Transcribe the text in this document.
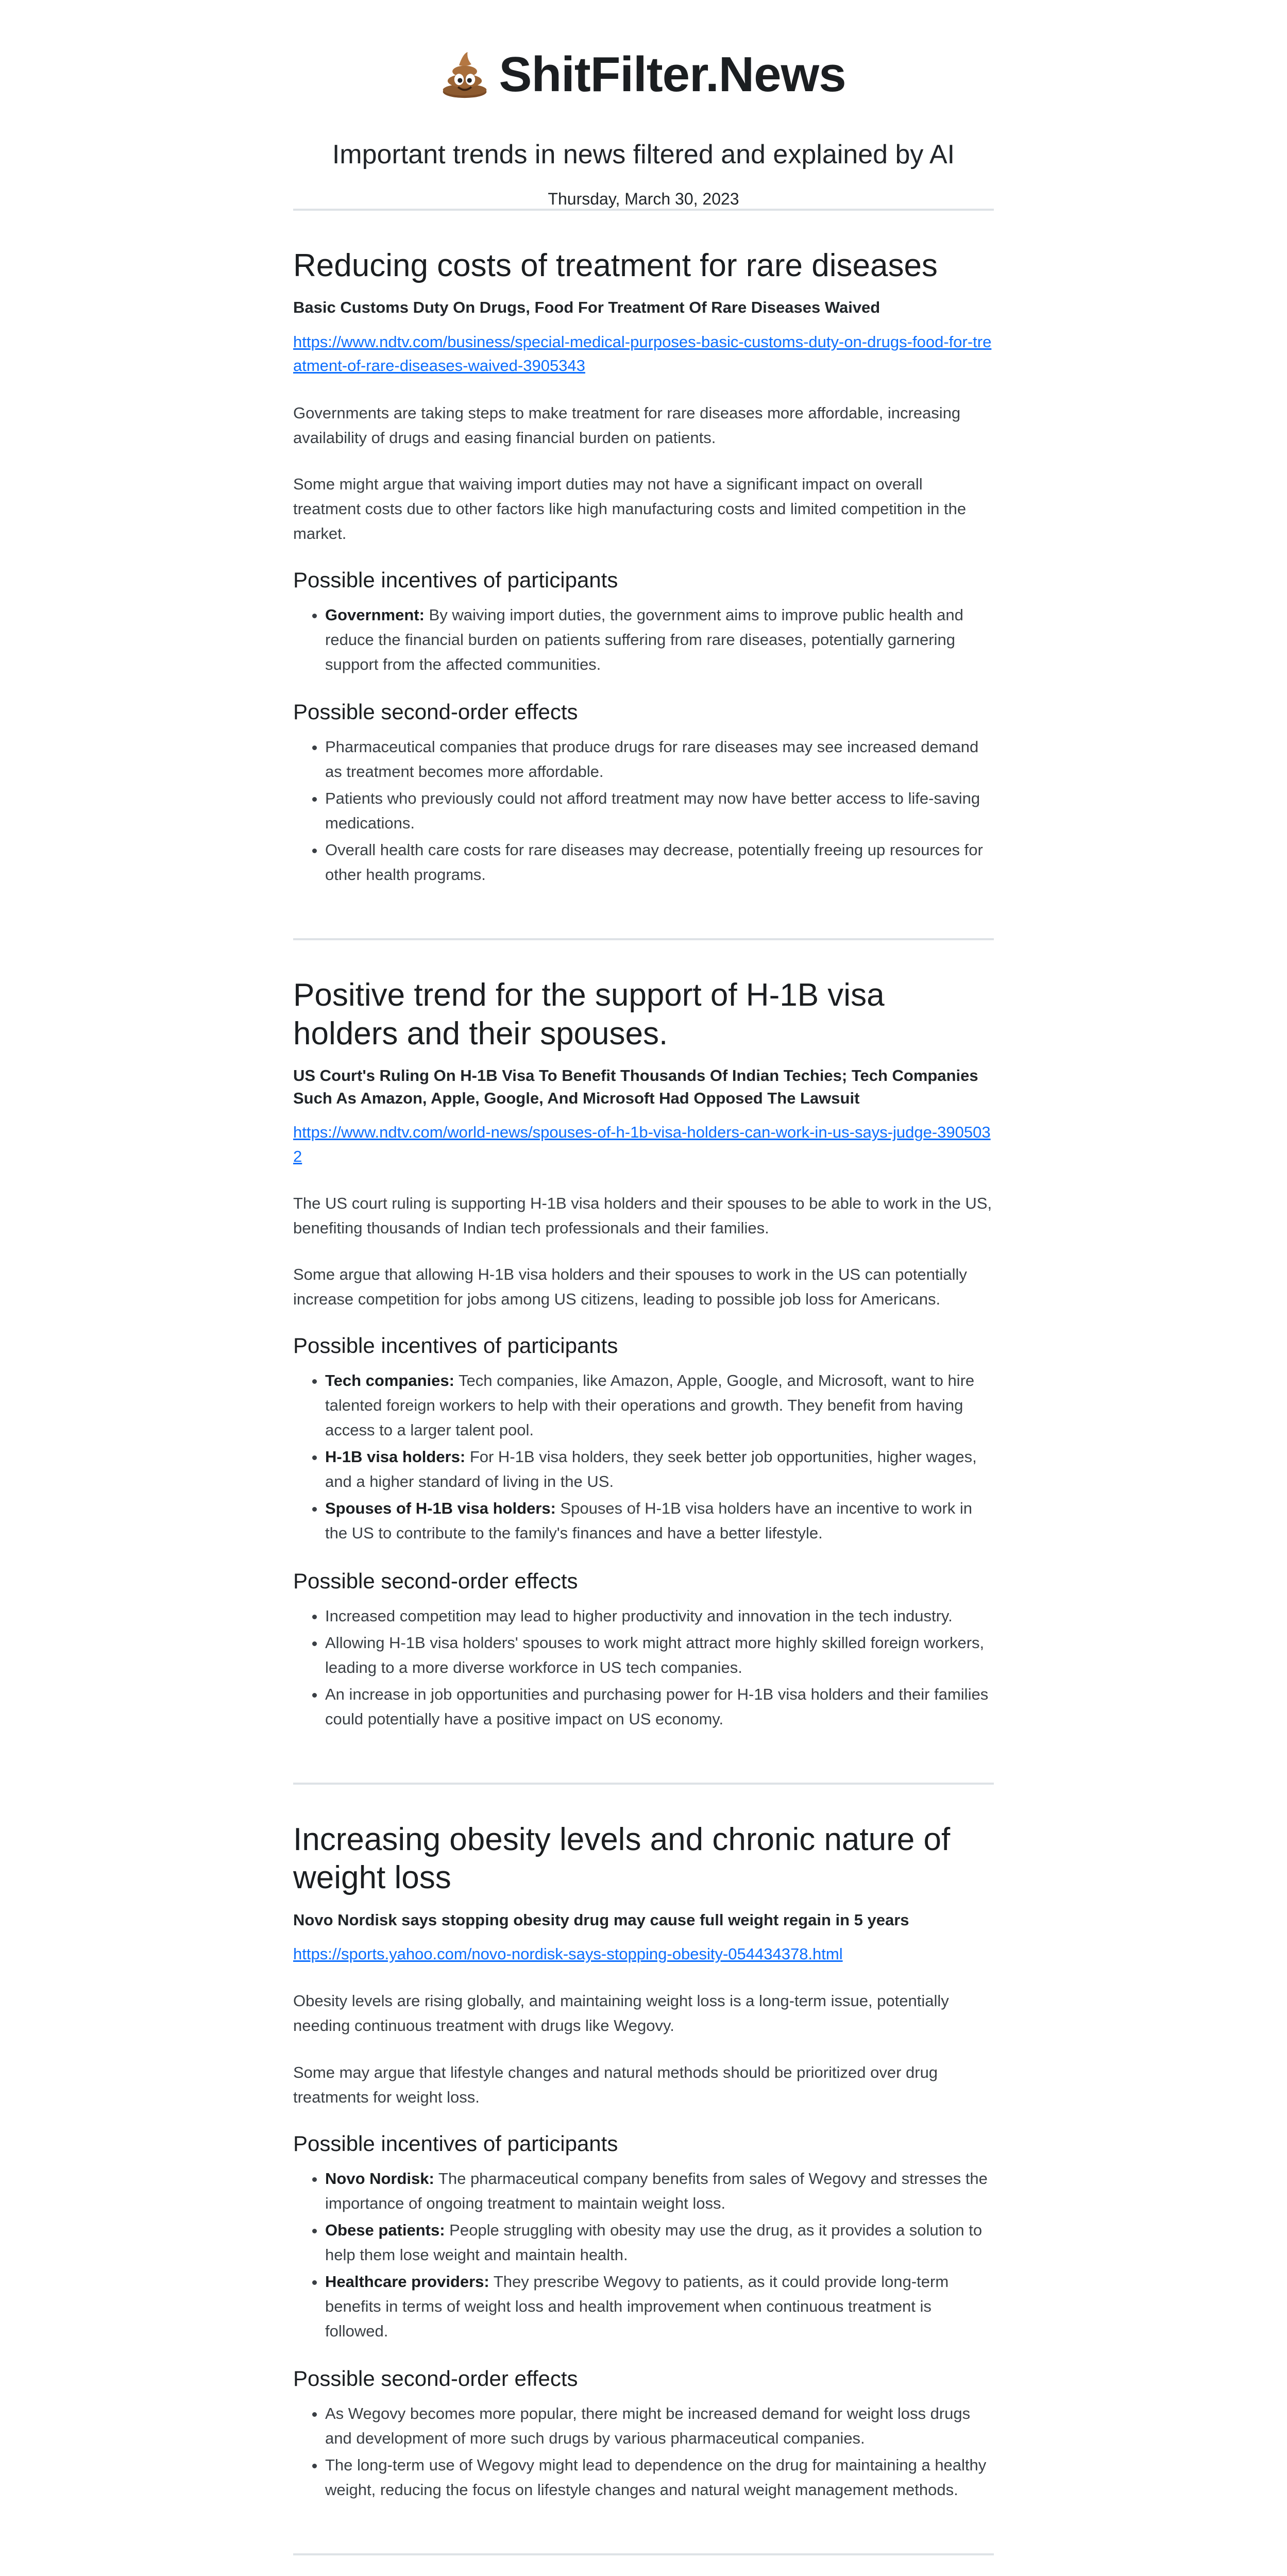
ShitFilter.News
Important trends in news filtered and explained by AI
Thursday, March 30, 2023
Reducing costs of treatment for rare diseases
Basic Customs Duty On Drugs, Food For Treatment Of Rare Diseases Waived
https://www.ndtv.com/business/special-medical-purposes-basic-customs-duty-on-drugs-food-for-treatment-of-rare-diseases-waived-3905343

Governments are taking steps to make treatment for rare diseases more affordable, increasing availability of drugs and easing financial burden on patients.

Some might argue that waiving import duties may not have a significant impact on overall treatment costs due to other factors like high manufacturing costs and limited competition in the market.

Possible incentives of participants
• Government: By waiving import duties, the government aims to improve public health and reduce the financial burden on patients suffering from rare diseases, potentially garnering support from the affected communities.
Possible second-order effects
• Pharmaceutical companies that produce drugs for rare diseases may see increased demand as treatment becomes more affordable.
• Patients who previously could not afford treatment may now have better access to life-saving medications.
• Overall health care costs for rare diseases may decrease, potentially freeing up resources for other health programs.
Positive trend for the support of H-1B visa holders and their spouses.
US Court's Ruling On H-1B Visa To Benefit Thousands Of Indian Techies; Tech Companies Such As Amazon, Apple, Google, And Microsoft Had Opposed The Lawsuit
https://www.ndtv.com/world-news/spouses-of-h-1b-visa-holders-can-work-in-us-says-judge-3905032

The US court ruling is supporting H-1B visa holders and their spouses to be able to work in the US, benefiting thousands of Indian tech professionals and their families.

Some argue that allowing H-1B visa holders and their spouses to work in the US can potentially increase competition for jobs among US citizens, leading to possible job loss for Americans.

Possible incentives of participants
• Tech companies: Tech companies, like Amazon, Apple, Google, and Microsoft, want to hire talented foreign workers to help with their operations and growth. They benefit from having access to a larger talent pool.
• H-1B visa holders: For H-1B visa holders, they seek better job opportunities, higher wages, and a higher standard of living in the US.
• Spouses of H-1B visa holders: Spouses of H-1B visa holders have an incentive to work in the US to contribute to the family's finances and have a better lifestyle.
Possible second-order effects
• Increased competition may lead to higher productivity and innovation in the tech industry.
• Allowing H-1B visa holders' spouses to work might attract more highly skilled foreign workers, leading to a more diverse workforce in US tech companies.
• An increase in job opportunities and purchasing power for H-1B visa holders and their families could potentially have a positive impact on US economy.
Increasing obesity levels and chronic nature of weight loss
Novo Nordisk says stopping obesity drug may cause full weight regain in 5 years
https://sports.yahoo.com/novo-nordisk-says-stopping-obesity-054434378.html

Obesity levels are rising globally, and maintaining weight loss is a long-term issue, potentially needing continuous treatment with drugs like Wegovy.

Some may argue that lifestyle changes and natural methods should be prioritized over drug treatments for weight loss.

Possible incentives of participants
• Novo Nordisk: The pharmaceutical company benefits from sales of Wegovy and stresses the importance of ongoing treatment to maintain weight loss.
• Obese patients: People struggling with obesity may use the drug, as it provides a solution to help them lose weight and maintain health.
• Healthcare providers: They prescribe Wegovy to patients, as it could provide long-term benefits in terms of weight loss and health improvement when continuous treatment is followed.
Possible second-order effects
• As Wegovy becomes more popular, there might be increased demand for weight loss drugs and development of more such drugs by various pharmaceutical companies.
• The long-term use of Wegovy might lead to dependence on the drug for maintaining a healthy weight, reducing the focus on lifestyle changes and natural weight management methods.
